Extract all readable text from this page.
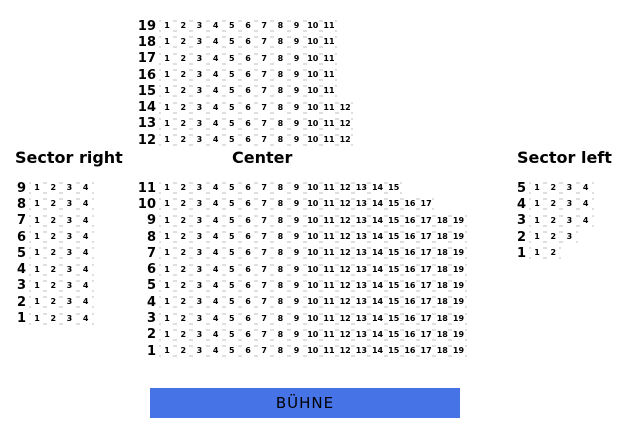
19	1	2	3	4	5	6	7	8	9 10 11
18	1	2	3	4	5	6	7	8	9 10 11
17	1	2	3	4	5	6	7	8	9 10 11
16	1	2	3	4	5	6	7	8	9 10 11
15	1	2	3	4	5	6	7	8	9 10 11
14	1	2	3	4	5	6	7	8	9 10 11 12
13	1	2	3	4	5	6	7	8	9 10 11 12
12	1	2	3	4	5	6	7	8	9 10 11 12
Sector right	Center	Sector left
9	1	2	3	4
8	1	2	3	4
7	1	2	3	4
6	1	2	3	4
5	1	2	3	4
4	1	2	3	4
3	1	2	3	4
2	1	2	3	4
1	1	2	3	4
11	1	2	3	4	5	6	7	8	9 10 11 12 13 14 15
10	1	2	3	4	5	6	7	8	9 10 11 12 13 14 15 16 17
9	1	2	3	4	5	6	7	8	9 10 11 12 13 14 15 16 17 18 19
8	1	2	3	4	5	6	7	8	9 10 11 12 13 14 15 16 17 18 19
7	1	2	3	4	5	6	7	8	9 10 11 12 13 14 15 16 17 18 19
6	1	2	3	4	5	6	7	8	9 10 11 12 13 14 15 16 17 18 19
5	1	2	3	4	5	6	7	8	9 10 11 12 13 14 15 16 17 18 19
4	1	2	3	4	5	6	7	8	9 10 11 12 13 14 15 16 17 18 19
3	1	2	3	4	5	6	7	8	9 10 11 12 13 14 15 16 17 18 19
2	1	2	3	4	5	6	7	8	9 10 11 12 13 14 15 16 17 18 19
1	1	2	3	4	5	6	7	8	9 10 11 12 13 14 15 16 17 18 19
5	1	2	3	4
4	1	2	3	4
3	1	2	3	4
2	1	2	3
1	1	2
BÜHNE
